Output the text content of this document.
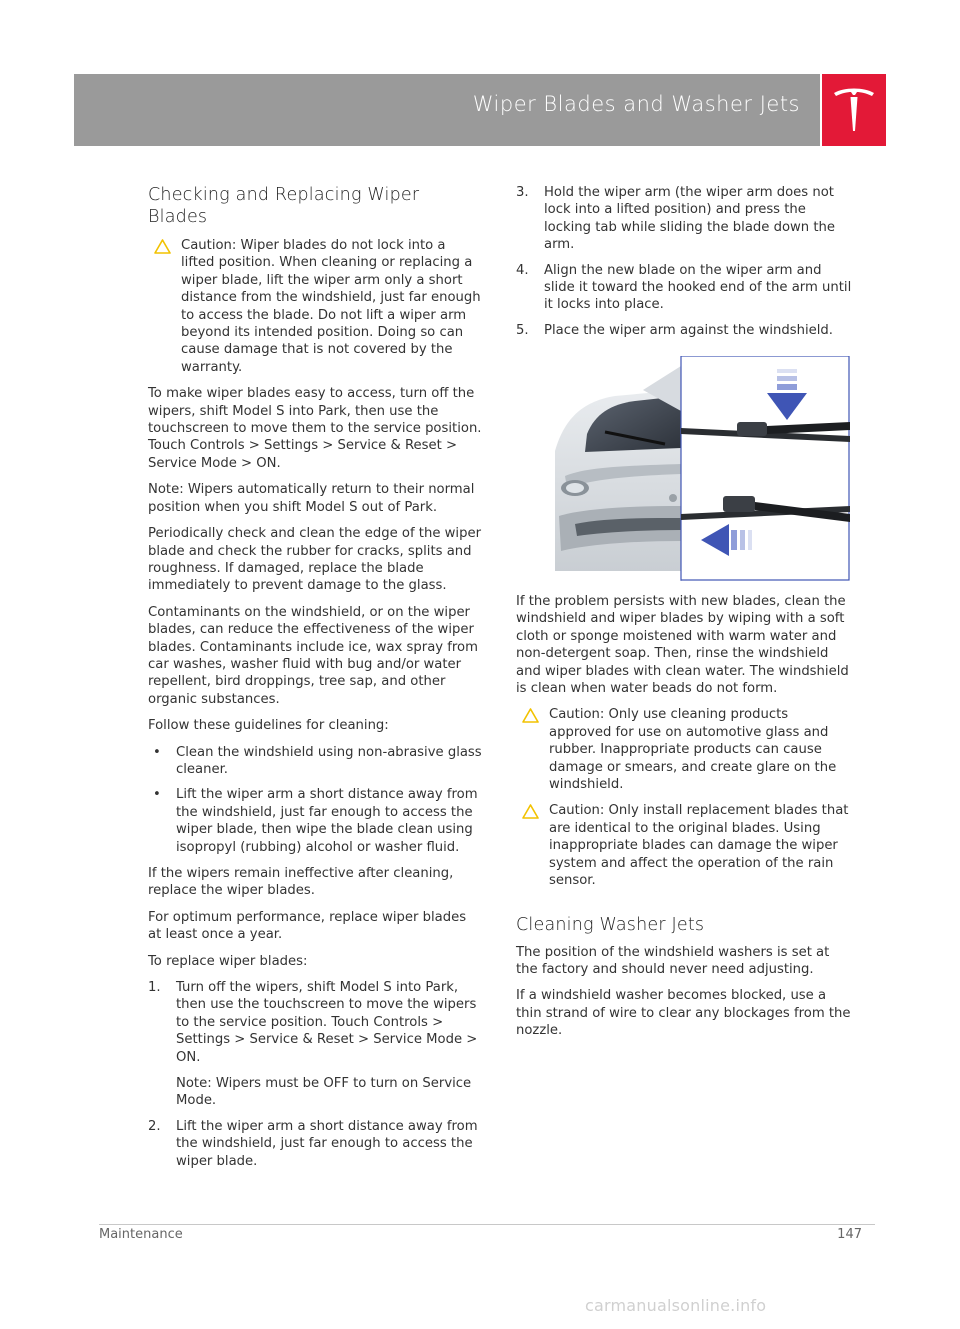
Wiper Blades and Washer Jets
Checking and Replacing Wiper Blades
Caution: Wiper blades do not lock into a lifted position. When cleaning or replacing a wiper blade, lift the wiper arm only a short distance from the windshield, just far enough to access the blade. Do not lift a wiper arm beyond its intended position. Doing so can cause damage that is not covered by the warranty.

To make wiper blades easy to access, turn off the wipers, shift Model S into Park, then use the touchscreen to move them to the service position. Touch Controls > Settings > Service & Reset > Service Mode > ON.

Note: Wipers automatically return to their normal position when you shift Model S out of Park.

Periodically check and clean the edge of the wiper blade and check the rubber for cracks, splits and roughness. If damaged, replace the blade immediately to prevent damage to the glass.

Contaminants on the windshield, or on the wiper blades, can reduce the effectiveness of the wiper blades. Contaminants include ice, wax spray from car washes, washer fluid with bug and/or water repellent, bird droppings, tree sap, and other organic substances.

Follow these guidelines for cleaning:

• Clean the windshield using non-abrasive glass cleaner.
• Lift the wiper arm a short distance away from the windshield, just far enough to access the wiper blade, then wipe the blade clean using isopropyl (rubbing) alcohol or washer fluid.

If the wipers remain ineffective after cleaning, replace the wiper blades.

For optimum performance, replace wiper blades at least once a year.

To replace wiper blades:

1. Turn off the wipers, shift Model S into Park, then use the touchscreen to move the wipers to the service position. Touch Controls > Settings > Service & Reset > Service Mode > ON.

Note: Wipers must be OFF to turn on Service Mode.

2. Lift the wiper arm a short distance away from the windshield, just far enough to access the wiper blade.
3. Hold the wiper arm (the wiper arm does not lock into a lifted position) and press the locking tab while sliding the blade down the arm.
4. Align the new blade on the wiper arm and slide it toward the hooked end of the arm until it locks into place.
5. Place the wiper arm against the windshield.

If the problem persists with new blades, clean the windshield and wiper blades by wiping with a soft cloth or sponge moistened with warm water and non-detergent soap. Then, rinse the windshield and wiper blades with clean water. The windshield is clean when water beads do not form.

Caution: Only use cleaning products approved for use on automotive glass and rubber. Inappropriate products can cause damage or smears, and create glare on the windshield.
Caution: Only install replacement blades that are identical to the original blades. Using inappropriate blades can damage the wiper system and affect the operation of the rain sensor.
Cleaning Washer Jets

The position of the windshield washers is set at the factory and should never need adjusting.

If a windshield washer becomes blocked, use a thin strand of wire to clear any blockages from the nozzle.

Maintenance	147
carmanualsonline.info
